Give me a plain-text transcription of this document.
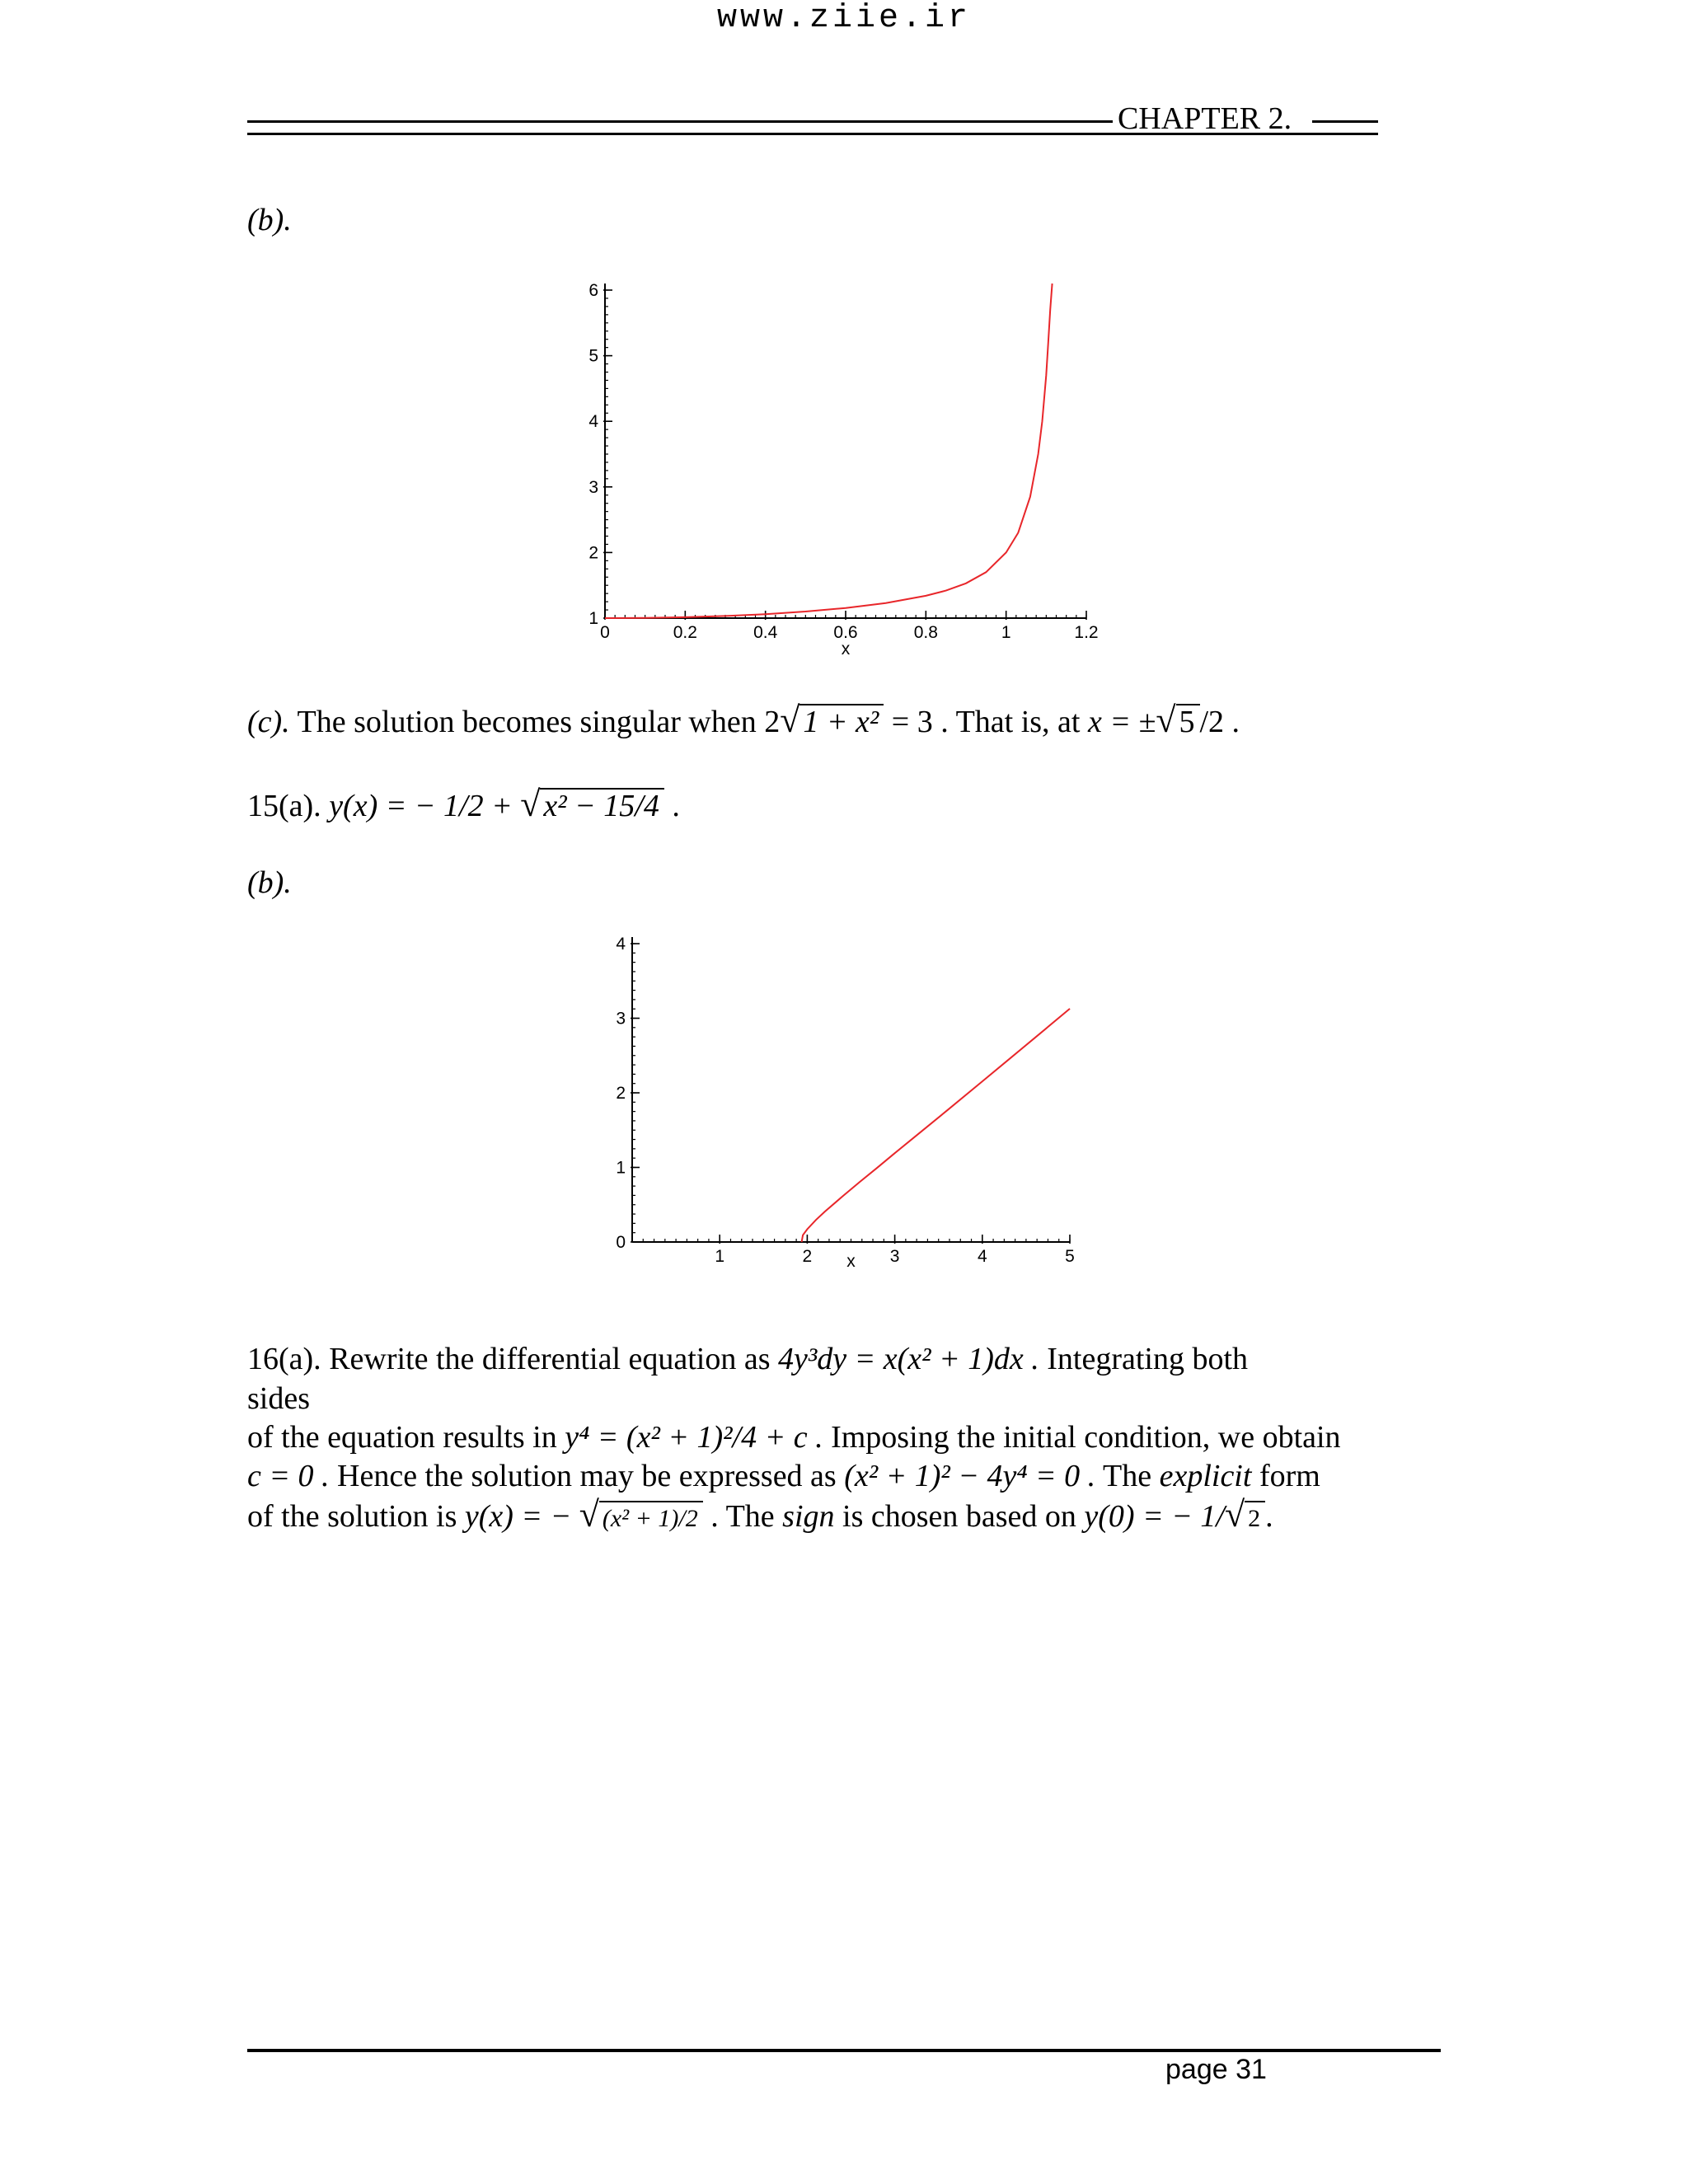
www.ziie.ir
CHAPTER 2.
(b).
0	0.2	0.4	0.6	0.8	1	1.2
1
2
3
4
5
6
x
(c). The solution becomes singular when 2√ 1 + x² = 3 . That is, at x = ±√ 5 /2 .
15(a). y(x) = − 1/2 + √ x² − 15/4 .
(b).
1	2	3	4	5
0
1
2
3
4
x
16(a). Rewrite the differential equation as 4y³dy = x(x² + 1)dx . Integrating both
sides
of the equation results in y⁴ = (x² + 1)²/4 + c . Imposing the initial condition, we obtain
c = 0 . Hence the solution may be expressed as (x² + 1)² − 4y⁴ = 0 . The explicit form
of the solution is y(x) = − √ (x² + 1)/2 . The sign is chosen based on y(0) = − 1/√ 2 .
page 31
